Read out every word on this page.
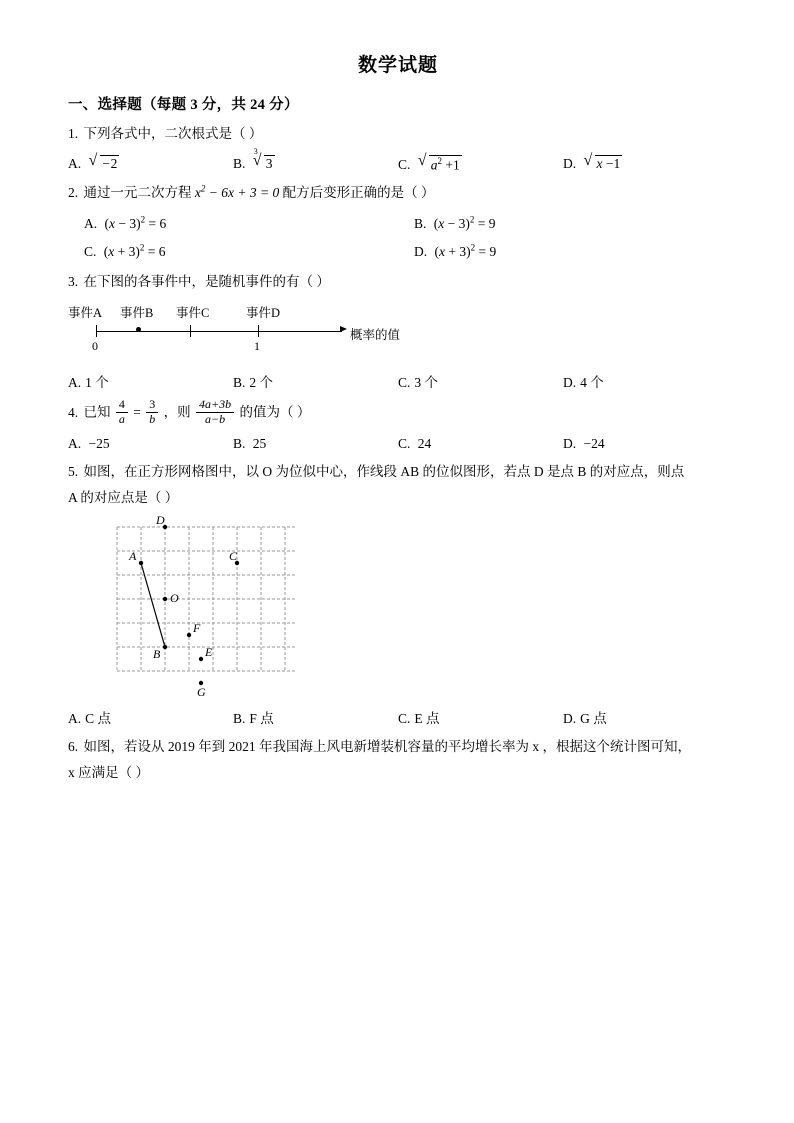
数学试题
一、选择题（每题 3 分，共 24 分）
1. 下列各式中，二次根式是（ ）
A. √ −2	B. √ 3 3	C. √ $a^2 +1$	D. √ x −1
2. 通过一元二次方程 $x^2 - 6x + 3 = 0$ 配方后变形正确的是（ ）
A. $(x - 3)^2 = 6$	B. $(x - 3)^2 = 9$
C. $(x + 3)^2 = 6$	D. $(x + 3)^2 = 9$
3. 在下图的各事件中，是随机事件的有（ ）
事件A 事件B 事件C	事件D
0	1
概率的值
A. 1 个	B. 2 个	C. 3 个	D. 4 个
4. 已知 $\frac{4}{a} = \frac{3}{b}$ ，则 $\frac{4a+3b}{a-b}$ 的值为（ ）
A. −25	B. 25	C. 24	D. −24
5. 如图，在正方形网格图中，以 O 为位似中心，作线段 AB 的位似图形，若点 D 是点 B 的对应点，则点
A 的对应点是（ ）
D
A	C
O
F
B	E
G
A. C 点	B. F 点	C. E 点	D. G 点
6. 如图，若设从 2019 年到 2021 年我国海上风电新增装机容量的平均增长率为 x ，根据这个统计图可知，
x 应满足（ ）
